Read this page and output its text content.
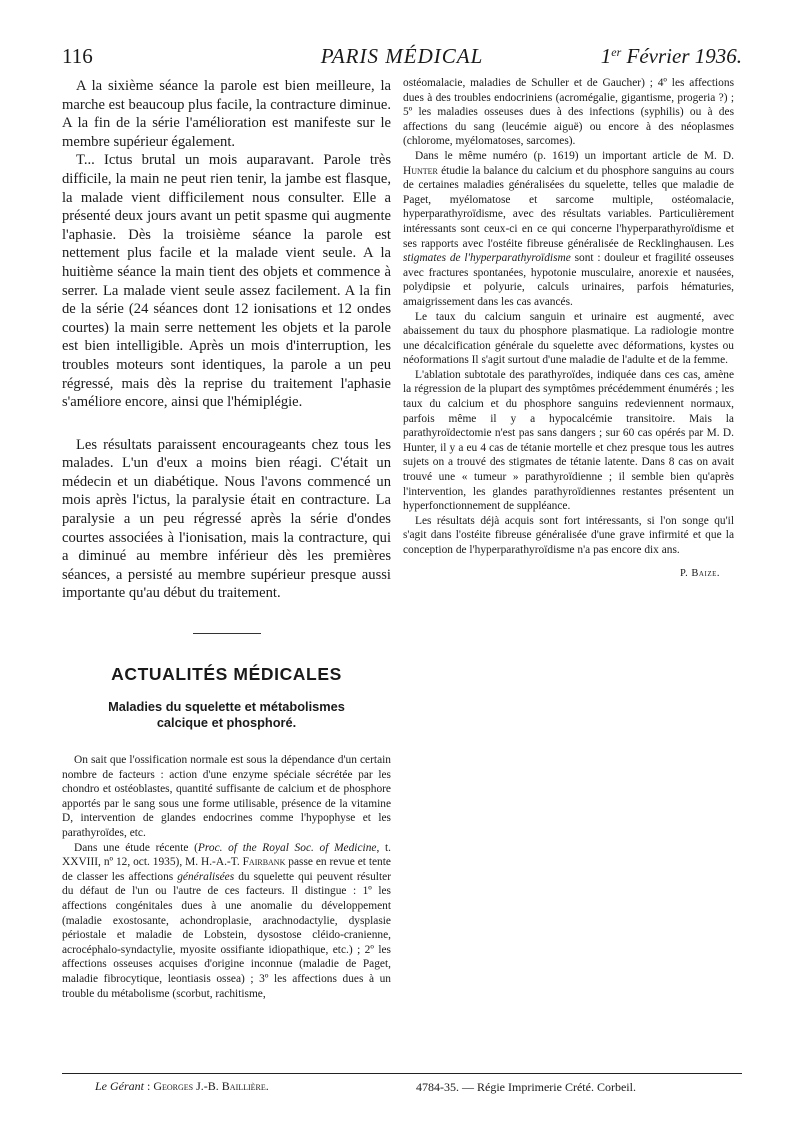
116	PARIS MÉDICAL	1er Février 1936.

A la sixième séance la parole est bien meilleure, la marche est beaucoup plus facile, la contracture diminue. A la fin de la série l'amélioration est manifeste sur le membre supérieur également.

T... Ictus brutal un mois auparavant. Parole très difficile, la main ne peut rien tenir, la jambe est flasque, la malade vient difficilement nous consulter. Elle a présenté deux jours avant un petit spasme qui augmente l'aphasie. Dès la troisième séance la parole est nettement plus facile et la malade vient seule. A la huitième séance la main tient des objets et commence à serrer. La malade vient seule assez facilement. A la fin de la série (24 séances dont 12 ionisations et 12 ondes courtes) la main serre nettement les objets et la parole est bien intelligible. Après un mois d'interruption, les troubles moteurs sont identiques, la parole a un peu régressé, mais dès la reprise du traitement l'aphasie s'améliore encore, ainsi que l'hémiplégie.

Les résultats paraissent encourageants chez tous les malades. L'un d'eux a moins bien réagi. C'était un médecin et un diabétique. Nous l'avons commencé un mois après l'ictus, la paralysie était en contracture. La paralysie a un peu régressé après la série d'ondes courtes associées à l'ionisation, mais la contracture, qui a diminué au membre inférieur dès les premières séances, a persisté au membre supérieur presque aussi importante qu'au début du traitement.

ACTUALITÉS MÉDICALES
Maladies du squelette et métabolismes
calcique et phosphoré.

On sait que l'ossification normale est sous la dépendance d'un certain nombre de facteurs : action d'une enzyme spéciale sécrétée par les chondro et ostéoblastes, quantité suffisante de calcium et de phosphore apportés par le sang sous une forme utilisable, présence de la vitamine D, intervention de glandes endocrines comme l'hypophyse et les parathyroïdes, etc.

Dans une étude récente (Proc. of the Royal Soc. of Medicine, t. XXVIII, nº 12, oct. 1935), M. H.-A.-T. Fairbank passe en revue et tente de classer les affections généralisées du squelette qui peuvent résulter du défaut de l'un ou l'autre de ces facteurs. Il distingue : 1º les affections congénitales dues à une anomalie du développement (maladie exostosante, achondroplasie, arachnodactylie, dysplasie périostale et maladie de Lobstein, dysostose cléido-cranienne, acrocéphalo-syndactylie, myosite ossifiante idiopathique, etc.) ; 2º les affections osseuses acquises d'origine inconnue (maladie de Paget, maladie fibrocytique, leontiasis ossea) ; 3º les affections dues à un trouble du métabolisme (scorbut, rachitisme,

ostéomalacie, maladies de Schuller et de Gaucher) ; 4º les affections dues à des troubles endocriniens (acromégalie, gigantisme, progeria ?) ; 5º les maladies osseuses dues à des infections (syphilis) ou à des affections du sang (leucémie aiguë) ou encore à des néoplasmes (chlorome, myélomatoses, sarcomes).

Dans le même numéro (p. 1619) un important article de M. D. Hunter étudie la balance du calcium et du phosphore sanguins au cours de certaines maladies généralisées du squelette, telles que maladie de Paget, myélomatose et sarcome multiple, ostéomalacie, hyperparathyroïdisme, avec des résultats variables. Particulièrement intéressants sont ceux-ci en ce qui concerne l'hyperparathyroïdisme et ses rapports avec l'ostéite fibreuse généralisée de Recklinghausen. Les stigmates de l'hyperparathyroïdisme sont : douleur et fragilité osseuses avec fractures spontanées, hypotonie musculaire, anorexie et nausées, polydipsie et polyurie, calculs urinaires, parfois hématuries, amaigrissement dans les cas avancés.

Le taux du calcium sanguin et urinaire est augmenté, avec abaissement du taux du phosphore plasmatique. La radiologie montre une décalcification générale du squelette avec déformations, kystes ou néoformations Il s'agit surtout d'une maladie de l'adulte et de la femme.

L'ablation subtotale des parathyroïdes, indiquée dans ces cas, amène la régression de la plupart des symptômes précédemment énumérés ; les taux du calcium et du phosphore sanguins redeviennent normaux, parfois même il y a hypocalcémie transitoire. Mais la parathyroïdectomie n'est pas sans dangers ; sur 60 cas opérés par M. D. Hunter, il y a eu 4 cas de tétanie mortelle et chez presque tous les autres sujets on a trouvé des stigmates de tétanie latente. Dans 8 cas on avait trouvé une « tumeur » parathyroïdienne ; il semble bien qu'après l'intervention, les glandes parathyroïdiennes restantes présentent un hyperfonctionnement de suppléance.

Les résultats déjà acquis sont fort intéressants, si l'on songe qu'il s'agit dans l'ostéite fibreuse généralisée d'une grave infirmité et que la conception de l'hyperparathyroïdisme n'a pas encore dix ans.

P. Baize.
Le Gérant : Georges J.-B. Baillière.	4784-35. — Régie Imprimerie Crété. Corbeil.
